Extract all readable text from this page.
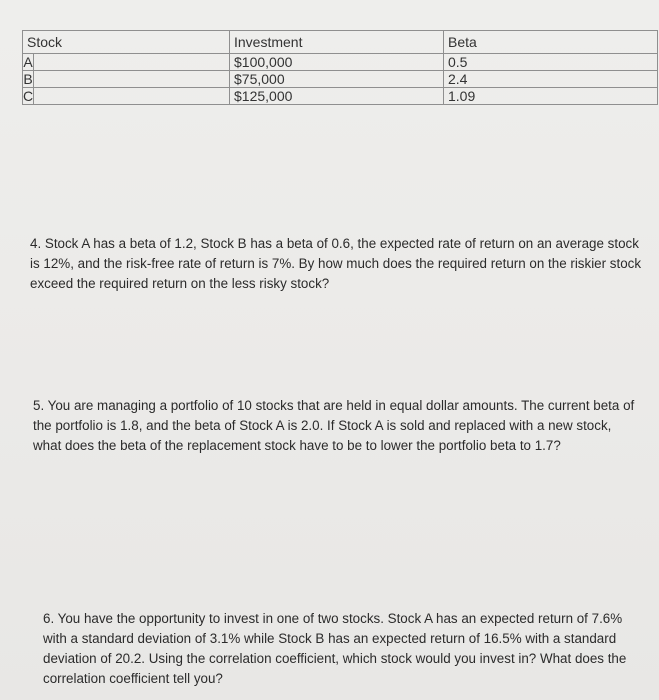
Stock		Investment	Beta
A		$100,000	0.5
B		$75,000	2.4
C		$125,000	1.09

4. Stock A has a beta of 1.2, Stock B has a beta of 0.6, the expected rate of return on an average stock is 12%, and the risk-free rate of return is 7%. By how much does the required return on the riskier stock exceed the required return on the less risky stock?

5. You are managing a portfolio of 10 stocks that are held in equal dollar amounts. The current beta of the portfolio is 1.8, and the beta of Stock A is 2.0. If Stock A is sold and replaced with a new stock, what does the beta of the replacement stock have to be to lower the portfolio beta to 1.7?

6. You have the opportunity to invest in one of two stocks. Stock A has an expected return of 7.6% with a standard deviation of 3.1% while Stock B has an expected return of 16.5% with a standard deviation of 20.2. Using the correlation coefficient, which stock would you invest in? What does the correlation coefficient tell you?
